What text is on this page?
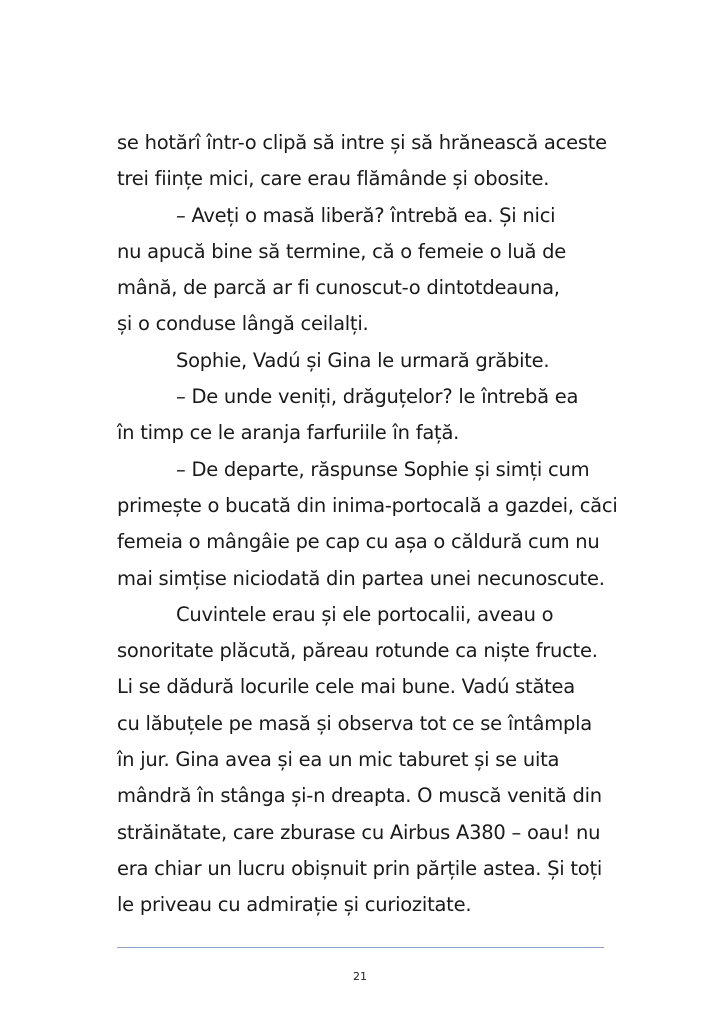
se hotărî într-o clipă să intre și să hrănească aceste
trei ființe mici, care erau flămânde și obosite.
– Aveți o masă liberă? întrebă ea. Și nici
nu apucă bine să termine, că o femeie o luă de
mână, de parcă ar fi cunoscut-o dintotdeauna,
și o conduse lângă ceilalți.
Sophie, Vadú și Gina le urmară grăbite.
– De unde veniți, drăguțelor? le întrebă ea
în timp ce le aranja farfuriile în față.
– De departe, răspunse Sophie și simți cum
primește o bucată din inima-portocală a gazdei, căci
femeia o mângâie pe cap cu așa o căldură cum nu
mai simțise niciodată din partea unei necunoscute.
Cuvintele erau și ele portocalii, aveau o
sonoritate plăcută, păreau rotunde ca niște fructe.
Li se dădură locurile cele mai bune. Vadú stătea
cu lăbuțele pe masă și observa tot ce se întâmpla
în jur. Gina avea și ea un mic taburet și se uita
mândră în stânga și-n dreapta. O muscă venită din
străinătate, care zburase cu Airbus A380 – oau! nu
era chiar un lucru obișnuit prin părțile astea. Și toți
le priveau cu admirație și curiozitate.
21
